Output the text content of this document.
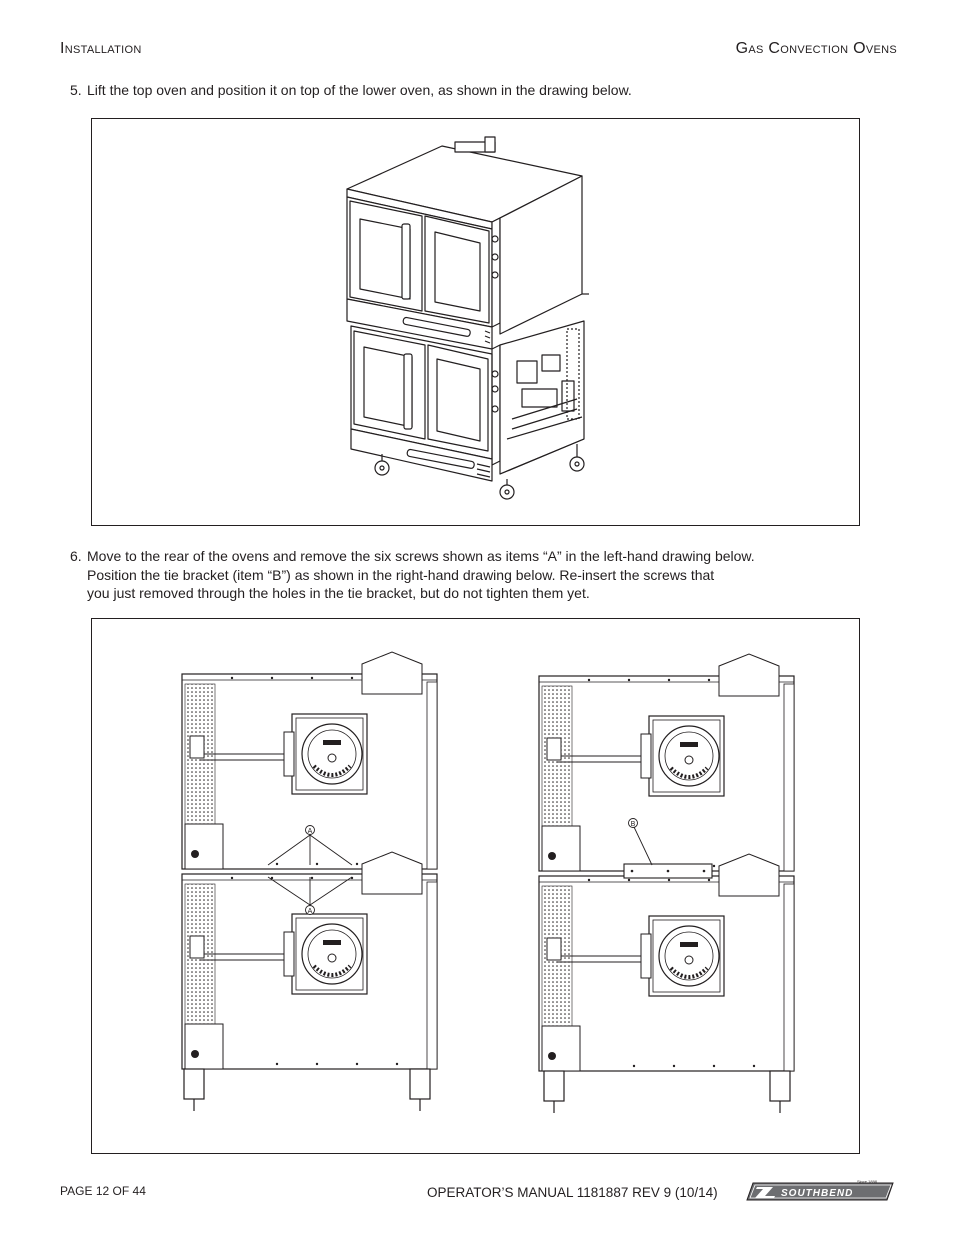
Installation	Gas Convection Ovens
5. Lift the top oven and position it on top of the lower oven, as shown in the drawing below.
6. Move to the rear of the ovens and remove the six screws shown as items “A” in the left-hand drawing below.
Position the tie bracket (item “B”) as shown in the right-hand drawing below. Re-insert the screws that
you just removed through the holes in the tie bracket, but do not tighten them yet.
A
A
B
PAGE 12 OF 44	OPERATOR’S MANUAL 1181887 REV 9 (10/14)	SOUTHBEND
Since 1898
